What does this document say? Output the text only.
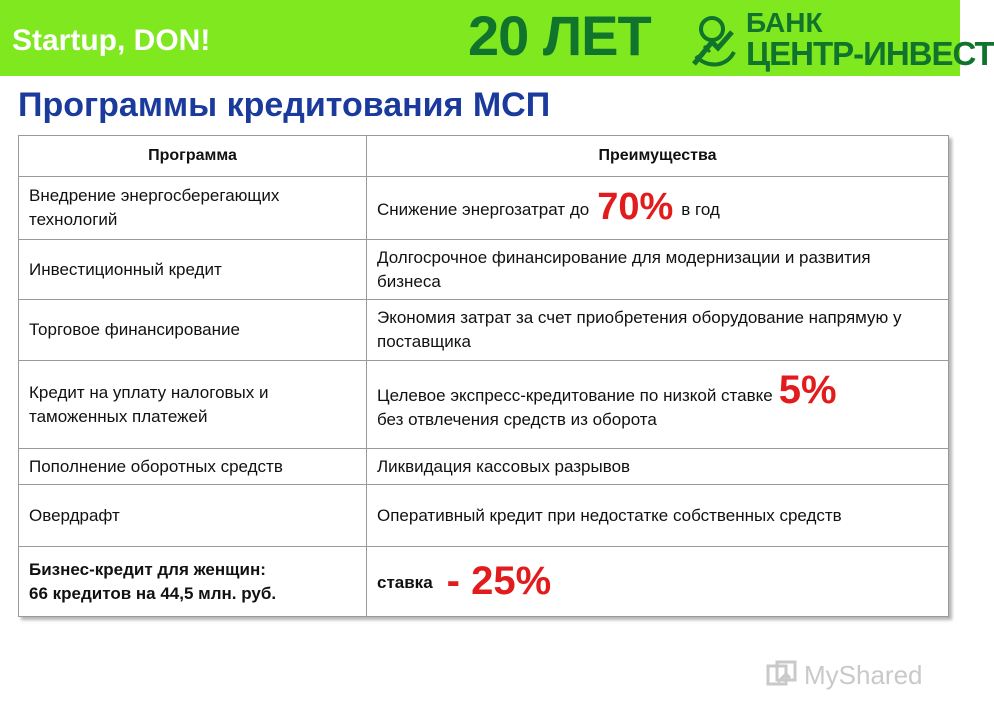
Startup, DON!	20 ЛЕТ	БАНК
ЦЕНТР-ИНВЕСТ
Программы кредитования МСП
Программа	Преимущества
Внедрение энергосберегающих технологий	Снижение энергозатрат до 70% в год
Инвестиционный кредит	Долгосрочное финансирование для модернизации и развития бизнеса
Торговое финансирование	Экономия затрат за счет приобретения оборудование напрямую у поставщика
Кредит на уплату налоговых и таможенных платежей	Целевое экспресс-кредитование по низкой ставке 5%
без отвлечения средств из оборота

Пополнение оборотных средств	Ликвидация кассовых разрывов
Овердрафт	Оперативный кредит при недостатке собственных средств

Бизнес-кредит для женщин:
66 кредитов на 44,5 млн. руб.	ставка - 25%
MyShared
